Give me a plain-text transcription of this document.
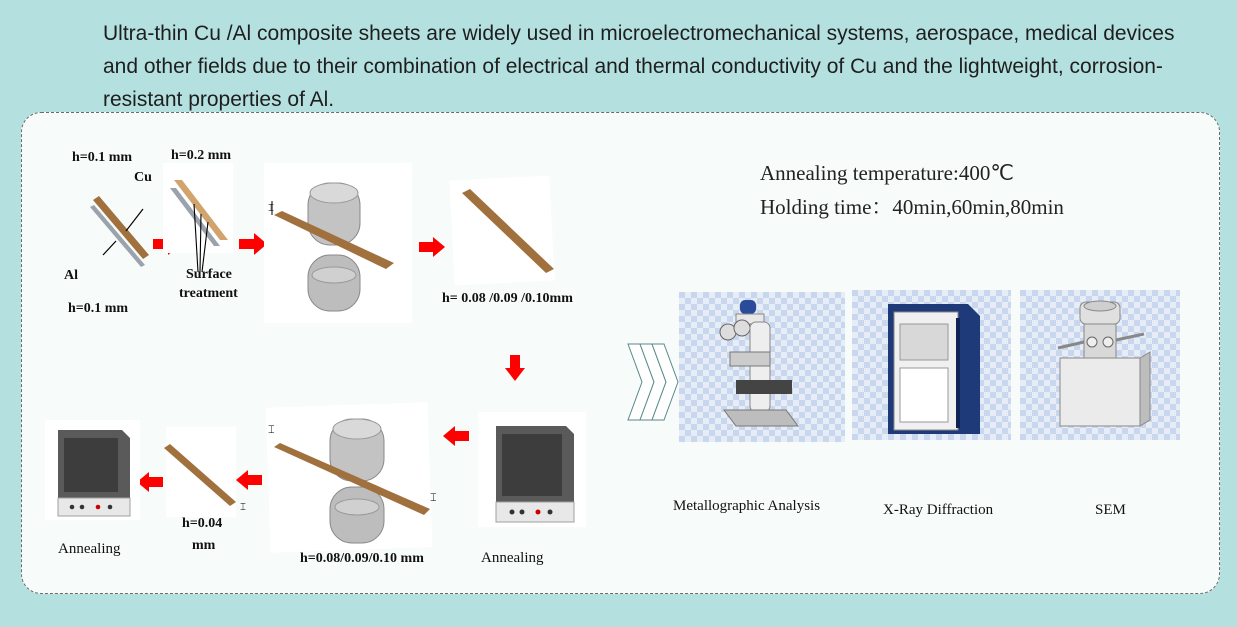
Ultra-thin Cu /Al composite sheets are widely used in microelectromechanical systems, aerospace, medical devices and other fields due to their combination of electrical and thermal conductivity of Cu and the lightweight, corrosion-resistant properties of Al.

h=0.1 mm
Cu
h=0.2 mm
Al
h=0.1 mm
Surface
treatment
⌶
h= 0.08 /0.09 /0.10mm
Annealing
⌶
⌶
h=0.08/0.09/0.10 mm
⌶
h=0.04
mm
Annealing
Annealing temperature:400℃
Holding time：40min,60min,80min
Metallographic Analysis	X-Ray Diffraction	SEM
